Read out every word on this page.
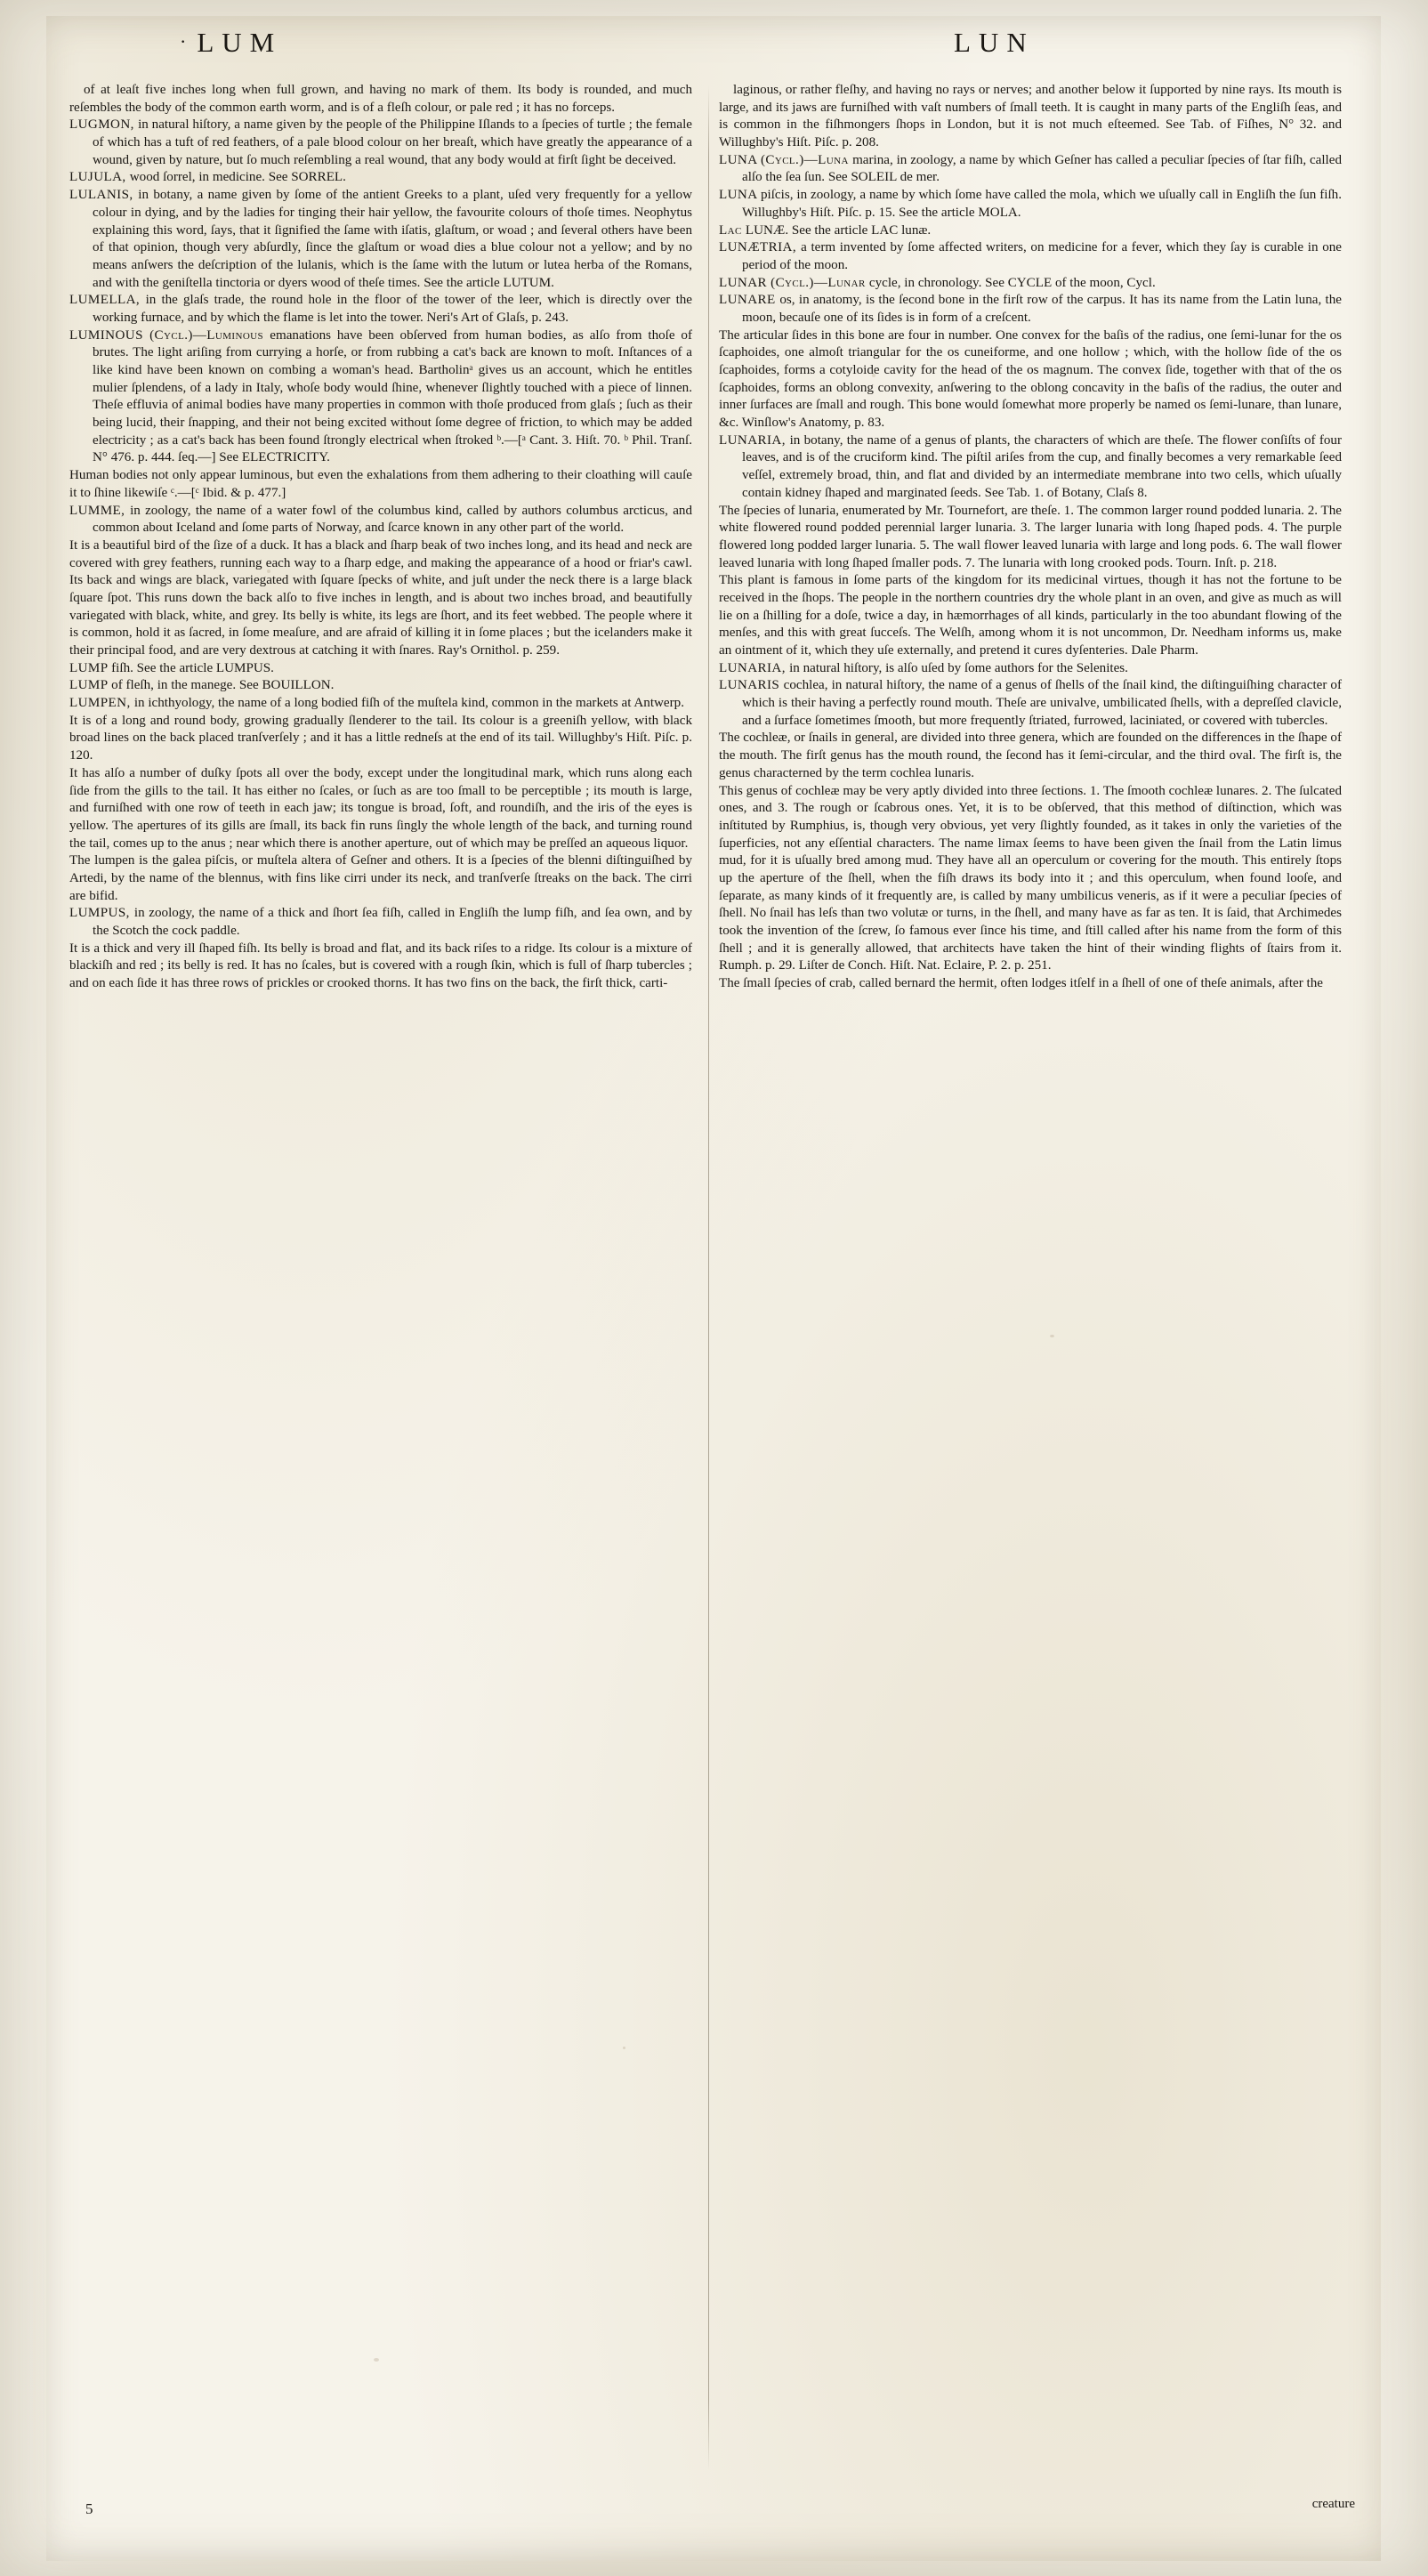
· LUM	LUN

of at leaſt five inches long when full grown, and having no mark of them. Its body is rounded, and much reſembles the body of the common earth worm, and is of a fleſh colour, or pale red ; it has no forceps.

LUGMON, in natural hiſtory, a name given by the people of the Philippine Iſlands to a ſpecies of turtle ; the female of which has a tuft of red feathers, of a pale blood colour on her breaſt, which have greatly the appearance of a wound, given by nature, but ſo much reſembling a real wound, that any body would at firſt ſight be deceived.

LUJULA, wood ſorrel, in medicine. See SORREL.

LULANIS, in botany, a name given by ſome of the antient Greeks to a plant, uſed very frequently for a yellow colour in dying, and by the ladies for tinging their hair yellow, the favourite colours of thoſe times. Neophytus explaining this word, ſays, that it ſignified the ſame with iſatis, glaſtum, or woad ; and ſeveral others have been of that opinion, though very abſurdly, ſince the glaſtum or woad dies a blue colour not a yellow; and by no means anſwers the deſcription of the lulanis, which is the ſame with the lutum or lutea herba of the Romans, and with the geniſtella tinctoria or dyers wood of theſe times. See the article LUTUM.

LUMELLA, in the glaſs trade, the round hole in the floor of the tower of the leer, which is directly over the working furnace, and by which the flame is let into the tower. Neri's Art of Glaſs, p. 243.

LUMINOUS (Cycl.)—Luminous emanations have been obſerved from human bodies, as alſo from thoſe of brutes. The light ariſing from currying a horſe, or from rubbing a cat's back are known to moſt. Inſtances of a like kind have been known on combing a woman's head. Bartholinᵃ gives us an account, which he entitles mulier ſplendens, of a lady in Italy, whoſe body would ſhine, whenever ſlightly touched with a piece of linnen. Theſe effluvia of animal bodies have many properties in common with thoſe produced from glaſs ; ſuch as their being lucid, their ſnapping, and their not being excited without ſome degree of friction, to which may be added electricity ; as a cat's back has been found ſtrongly electrical when ſtroked ᵇ.—[ᵃ Cant. 3. Hiſt. 70. ᵇ Phil. Tranſ. N° 476. p. 444. ſeq.—] See ELECTRICITY.

Human bodies not only appear luminous, but even the exhalations from them adhering to their cloathing will cauſe it to ſhine likewiſe ᶜ.—[ᶜ Ibid. & p. 477.]

LUMME, in zoology, the name of a water fowl of the columbus kind, called by authors columbus arcticus, and common about Iceland and ſome parts of Norway, and ſcarce known in any other part of the world.

It is a beautiful bird of the ſize of a duck. It has a black and ſharp beak of two inches long, and its head and neck are covered with grey feathers, running each way to a ſharp edge, and making the appearance of a hood or friar's cawl. Its back and wings are black, variegated with ſquare ſpecks of white, and juſt under the neck there is a large black ſquare ſpot. This runs down the back alſo to five inches in length, and is about two inches broad, and beautifully variegated with black, white, and grey. Its belly is white, its legs are ſhort, and its feet webbed. The people where it is common, hold it as ſacred, in ſome meaſure, and are afraid of killing it in ſome places ; but the icelanders make it their principal food, and are very dextrous at catching it with ſnares. Ray's Ornithol. p. 259.

LUMP fiſh. See the article LUMPUS.

LUMP of fleſh, in the manege. See BOUILLON.

LUMPEN, in ichthyology, the name of a long bodied fiſh of the muſtela kind, common in the markets at Antwerp.

It is of a long and round body, growing gradually ſlenderer to the tail. Its colour is a greeniſh yellow, with black broad lines on the back placed tranſverſely ; and it has a little redneſs at the end of its tail. Willughby's Hiſt. Piſc. p. 120.

It has alſo a number of duſky ſpots all over the body, except under the longitudinal mark, which runs along each ſide from the gills to the tail. It has either no ſcales, or ſuch as are too ſmall to be perceptible ; its mouth is large, and furniſhed with one row of teeth in each jaw; its tongue is broad, ſoft, and roundiſh, and the iris of the eyes is yellow. The apertures of its gills are ſmall, its back fin runs ſingly the whole length of the back, and turning round the tail, comes up to the anus ; near which there is another aperture, out of which may be preſſed an aqueous liquor.

The lumpen is the galea piſcis, or muſtela altera of Geſner and others. It is a ſpecies of the blenni diſtinguiſhed by Artedi, by the name of the blennus, with fins like cirri under its neck, and tranſverſe ſtreaks on the back. The cirri are bifid.

LUMPUS, in zoology, the name of a thick and ſhort ſea fiſh, called in Engliſh the lump fiſh, and ſea own, and by the Scotch the cock paddle.

It is a thick and very ill ſhaped fiſh. Its belly is broad and flat, and its back riſes to a ridge. Its colour is a mixture of blackiſh and red ; its belly is red. It has no ſcales, but is covered with a rough ſkin, which is full of ſharp tubercles ; and on each ſide it has three rows of prickles or crooked thorns. It has two fins on the back, the firſt thick, carti-

laginous, or rather fleſhy, and having no rays or nerves; and another below it ſupported by nine rays. Its mouth is large, and its jaws are furniſhed with vaſt numbers of ſmall teeth. It is caught in many parts of the Engliſh ſeas, and is common in the fiſhmongers ſhops in London, but it is not much eſteemed. See Tab. of Fiſhes, N° 32. and Willughby's Hiſt. Piſc. p. 208.

LUNA (Cycl.)—Luna marina, in zoology, a name by which Geſner has called a peculiar ſpecies of ſtar fiſh, called alſo the ſea ſun. See SOLEIL de mer.

LUNA piſcis, in zoology, a name by which ſome have called the mola, which we uſually call in Engliſh the ſun fiſh. Willughby's Hiſt. Piſc. p. 15. See the article MOLA.

Lac LUNÆ. See the article LAC lunæ.

LUNÆTRIA, a term invented by ſome affected writers, on medicine for a fever, which they ſay is curable in one period of the moon.

LUNAR (Cycl.)—Lunar cycle, in chronology. See CYCLE of the moon, Cycl.

LUNARE os, in anatomy, is the ſecond bone in the firſt row of the carpus. It has its name from the Latin luna, the moon, becauſe one of its ſides is in form of a creſcent.

The articular ſides in this bone are four in number. One convex for the baſis of the radius, one ſemi-lunar for the os ſcaphoides, one almoſt triangular for the os cuneiforme, and one hollow ; which, with the hollow ſide of the os ſcaphoides, forms a cotyloide cavity for the head of the os magnum. The convex ſide, together with that of the os ſcaphoides, forms an oblong convexity, anſwering to the oblong concavity in the baſis of the radius, the outer and inner ſurfaces are ſmall and rough. This bone would ſomewhat more properly be named os ſemi-lunare, than lunare, &c. Winſlow's Anatomy, p. 83.

LUNARIA, in botany, the name of a genus of plants, the characters of which are theſe. The flower conſiſts of four leaves, and is of the cruciform kind. The piſtil ariſes from the cup, and finally becomes a very remarkable ſeed veſſel, extremely broad, thin, and flat and divided by an intermediate membrane into two cells, which uſually contain kidney ſhaped and marginated ſeeds. See Tab. 1. of Botany, Claſs 8.

The ſpecies of lunaria, enumerated by Mr. Tournefort, are theſe. 1. The common larger round podded lunaria. 2. The white flowered round podded perennial larger lunaria. 3. The larger lunaria with long ſhaped pods. 4. The purple flowered long podded larger lunaria. 5. The wall flower leaved lunaria with large and long pods. 6. The wall flower leaved lunaria with long ſhaped ſmaller pods. 7. The lunaria with long crooked pods. Tourn. Inſt. p. 218.

This plant is famous in ſome parts of the kingdom for its medicinal virtues, though it has not the fortune to be received in the ſhops. The people in the northern countries dry the whole plant in an oven, and give as much as will lie on a ſhilling for a doſe, twice a day, in hæmorrhages of all kinds, particularly in the too abundant flowing of the menſes, and this with great ſucceſs. The Welſh, among whom it is not uncommon, Dr. Needham informs us, make an ointment of it, which they uſe externally, and pretend it cures dyſenteries. Dale Pharm.

LUNARIA, in natural hiſtory, is alſo uſed by ſome authors for the Selenites.

LUNARIS cochlea, in natural hiſtory, the name of a genus of ſhells of the ſnail kind, the diſtinguiſhing character of which is their having a perfectly round mouth. Theſe are univalve, umbilicated ſhells, with a depreſſed clavicle, and a ſurface ſometimes ſmooth, but more frequently ſtriated, furrowed, laciniated, or covered with tubercles.

The cochleæ, or ſnails in general, are divided into three genera, which are founded on the differences in the ſhape of the mouth. The firſt genus has the mouth round, the ſecond has it ſemi-circular, and the third oval. The firſt is, the genus characterned by the term cochlea lunaris.

This genus of cochleæ may be very aptly divided into three ſections. 1. The ſmooth cochleæ lunares. 2. The ſulcated ones, and 3. The rough or ſcabrous ones. Yet, it is to be obſerved, that this method of diſtinction, which was inſtituted by Rumphius, is, though very obvious, yet very ſlightly founded, as it takes in only the varieties of the ſuperficies, not any eſſential characters. The name limax ſeems to have been given the ſnail from the Latin limus mud, for it is uſually bred among mud. They have all an operculum or covering for the mouth. This entirely ſtops up the aperture of the ſhell, when the fiſh draws its body into it ; and this operculum, when found looſe, and ſeparate, as many kinds of it frequently are, is called by many umbilicus veneris, as if it were a peculiar ſpecies of ſhell. No ſnail has leſs than two volutæ or turns, in the ſhell, and many have as far as ten. It is ſaid, that Archimedes took the invention of the ſcrew, ſo famous ever ſince his time, and ſtill called after his name from the form of this ſhell ; and it is generally allowed, that architects have taken the hint of their winding flights of ſtairs from it. Rumph. p. 29. Liſter de Conch. Hiſt. Nat. Eclaire, P. 2. p. 251.

The ſmall ſpecies of crab, called bernard the hermit, often lodges itſelf in a ſhell of one of theſe animals, after the

5	creature
